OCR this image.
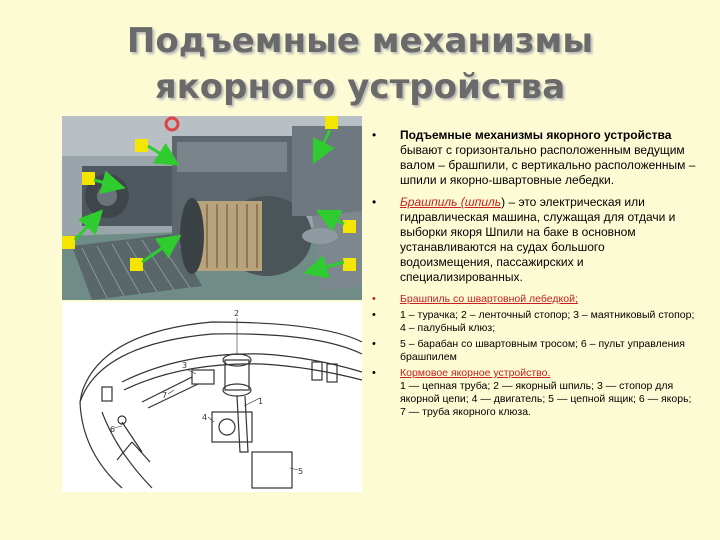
Подъемные механизмы
якорного устройства
1
2
3
4
5
6
7

• Подъемные механизмы якорного устройства бывают с горизонтально расположенным ведущим валом – брашпили, с вертикально расположенным – шпили и якорно-швартовные лебедки.

• Брашпиль (шпиль) – это электрическая или гидравлическая машина, служащая для отдачи и выборки якоря Шпили на баке в основном устанавливаются на судах большого водоизмещения, пассажирских и специализированных.

• Брашпиль со швартовной лебедкой;

• 1 – турачка; 2 – ленточный стопор; 3 – маятниковый стопор; 4 – палубный клюз;

• 5 – барабан со швартовным тросом; 6 – пульт управления брашпилем

• Кормовое якорное устройство.
1 — цепная труба; 2 — якорный шпиль; 3 — стопор для якорной цепи; 4 — двигатель; 5 — цепной ящик; 6 — якорь; 7 — труба якорного клюза.
